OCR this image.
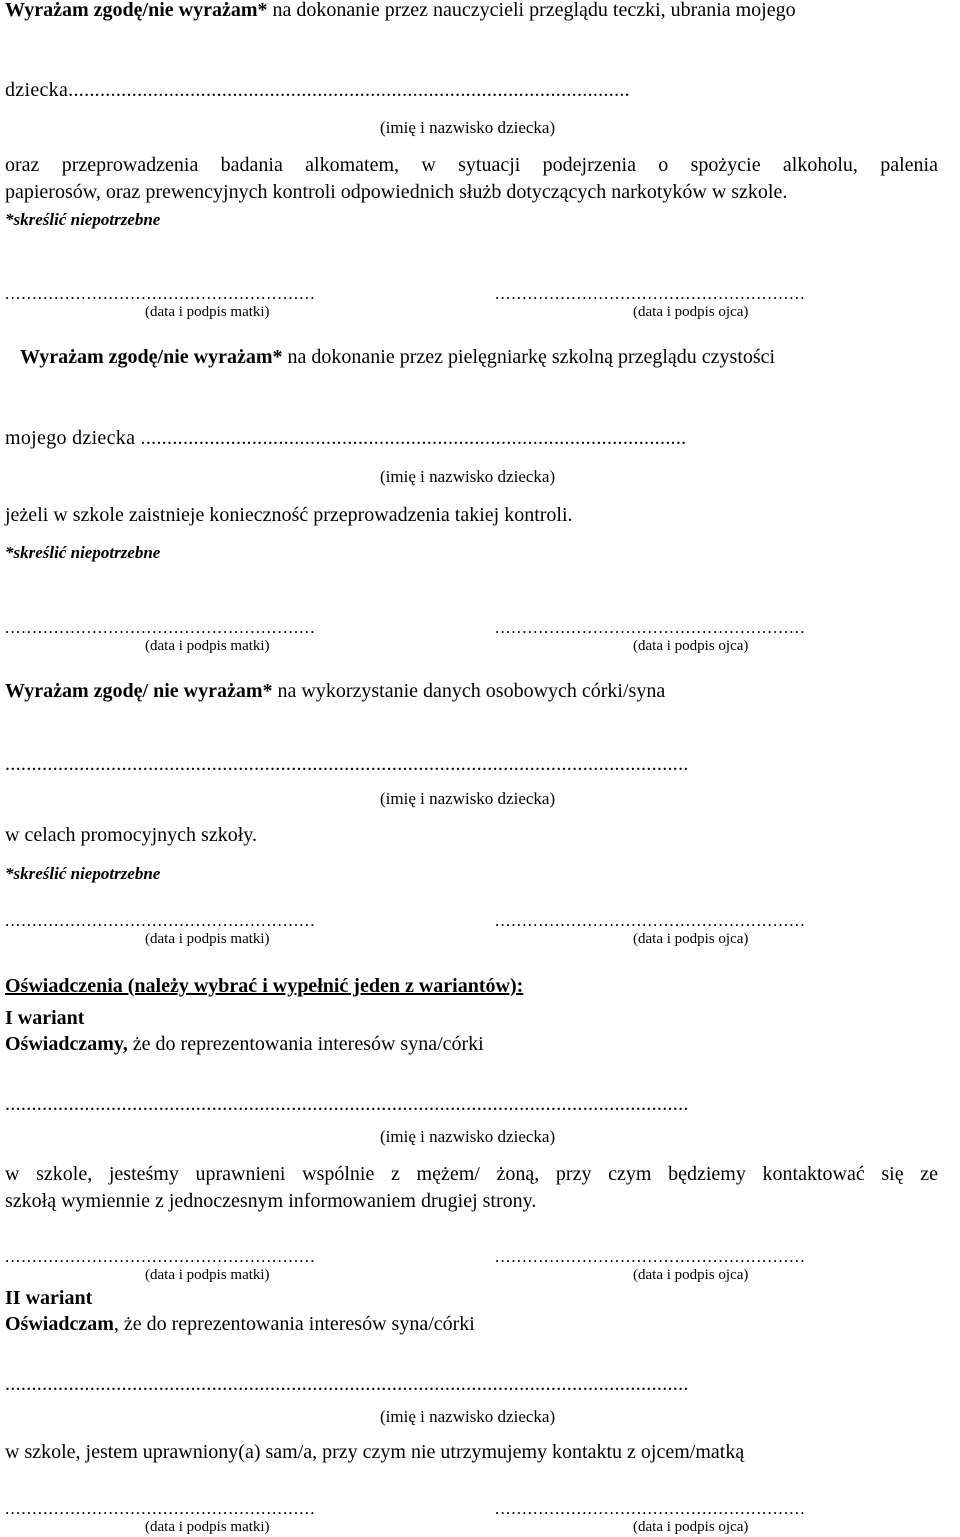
Wyrażam zgodę/nie wyrażam* na dokonanie przez nauczycieli przeglądu teczki, ubrania mojego
dziecka..........................................................................................................
(imię i nazwisko dziecka)
oraz przeprowadzenia badania alkomatem, w sytuacji podejrzenia o spożycie alkoholu, palenia
papierosów, oraz prewencyjnych kontroli odpowiednich służb dotyczących narkotyków w szkole.
*skreślić niepotrzebne
.........................................................
(data i podpis matki)
.........................................................
(data i podpis ojca)
Wyrażam zgodę/nie wyrażam* na dokonanie przez pielęgniarkę szkolną przeglądu czystości
mojego dziecka .......................................................................................................
(imię i nazwisko dziecka)
jeżeli w szkole zaistnieje konieczność przeprowadzenia takiej kontroli.
*skreślić niepotrzebne
.........................................................
(data i podpis matki)
.........................................................
(data i podpis ojca)
Wyrażam zgodę/ nie wyrażam* na wykorzystanie danych osobowych córki/syna
.................................................................................................................................
(imię i nazwisko dziecka)
w celach promocyjnych szkoły.
*skreślić niepotrzebne
.........................................................
(data i podpis matki)
.........................................................
(data i podpis ojca)
Oświadczenia (należy wybrać i wypełnić jeden z wariantów):
I wariant
Oświadczamy, że do reprezentowania interesów syna/córki
.................................................................................................................................
(imię i nazwisko dziecka)
w szkole, jesteśmy uprawnieni wspólnie z mężem/ żoną, przy czym będziemy kontaktować się ze
szkołą wymiennie z jednoczesnym informowaniem drugiej strony.
.........................................................
(data i podpis matki)
.........................................................
(data i podpis ojca)
II wariant
Oświadczam, że do reprezentowania interesów syna/córki
.................................................................................................................................
(imię i nazwisko dziecka)
w szkole, jestem uprawniony(a) sam/a, przy czym nie utrzymujemy kontaktu z ojcem/matką
.........................................................
(data i podpis matki)
.........................................................
(data i podpis ojca)
